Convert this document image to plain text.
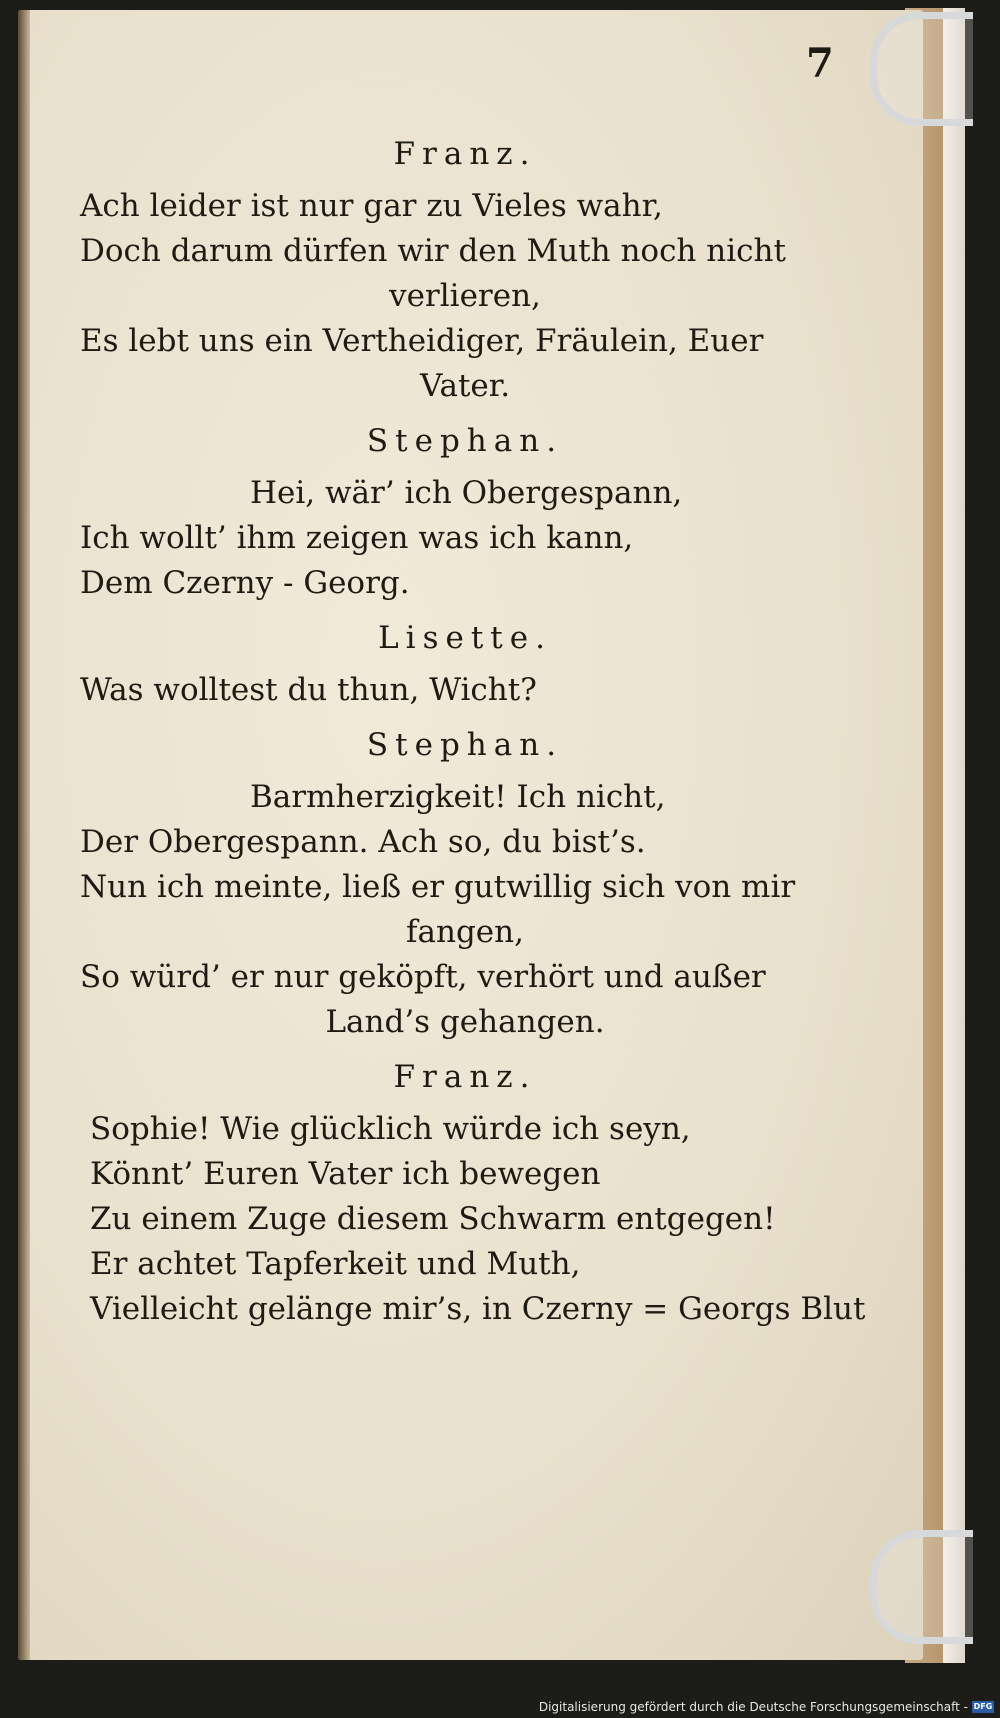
7
Franz.
Ach leider ist nur gar zu Vieles wahr,
Doch darum dürfen wir den Muth noch nicht
verlieren,
Es lebt uns ein Vertheidiger, Fräulein, Euer
Vater.
Stephan.
Hei, wär’ ich Obergespann,
Ich wollt’ ihm zeigen was ich kann,
Dem Czerny - Georg.
Lisette.
Was wolltest du thun, Wicht?
Stephan.
Barmherzigkeit! Ich nicht,
Der Obergespann. Ach so, du bist’s.
Nun ich meinte, ließ er gutwillig sich von mir
fangen,
So würd’ er nur geköpft, verhört und außer
Land’s gehangen.
Franz.
Sophie! Wie glücklich würde ich seyn,
Könnt’ Euren Vater ich bewegen
Zu einem Zuge diesem Schwarm entgegen!
Er achtet Tapferkeit und Muth,
Vielleicht gelänge mir’s, in Czerny = Georgs Blut
Digitalisierung gefördert durch die Deutsche Forschungsgemeinschaft - DFG
